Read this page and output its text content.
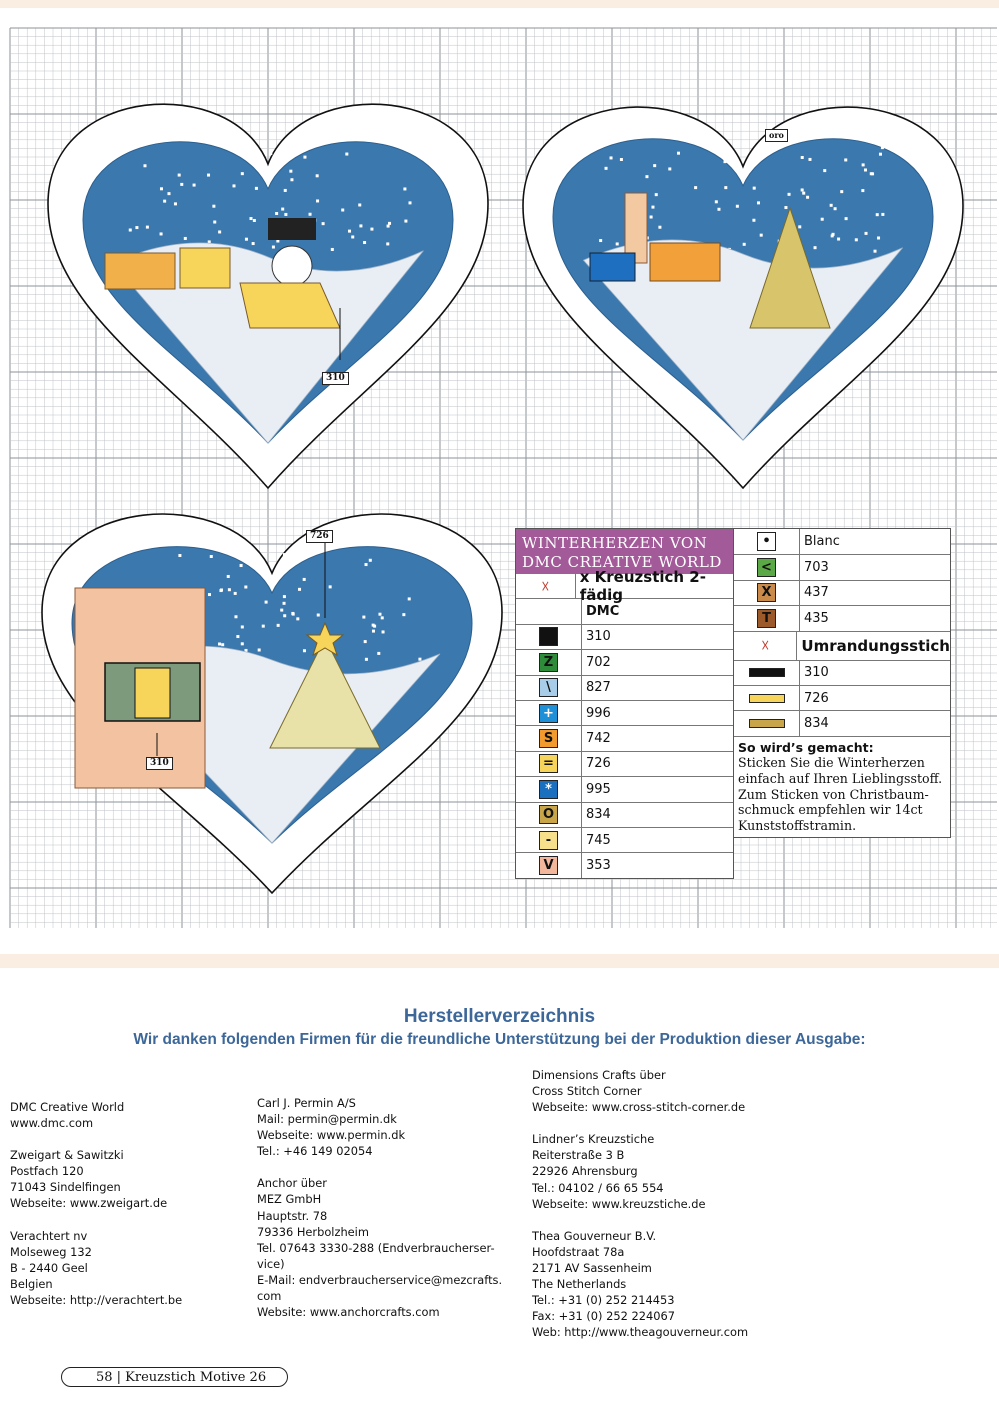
310
oro
726
310
WINTERHERZEN VON
DMC CREATIVE WORLD
☓ x Kreuzstich 2-fädig
DMC
310
Z	702
\	827
+	996
S	742
=	726
*	995
O	834
-	745
V	353
•	Blanc
<	703
X	437
T	435
☓ Umrandungsstich
310
726
834
So wird’s gemacht:
Sticken Sie die Winterherzen
einfach auf Ihren Lieblingsstoff.
Zum Sticken von Christbaum-
schmuck empfehlen wir 14ct
Kunststoffstramin.
Herstellerverzeichnis
Wir danken folgenden Firmen für die freundliche Unterstützung bei der Produktion dieser Ausgabe:

DMC Creative World
www.dmc.com

Zweigart & Sawitzki
Postfach 120
71043 Sindelfingen
Webseite: www.zweigart.de

Verachtert nv
Molseweg 132
B - 2440 Geel
Belgien
Webseite: http://verachtert.be

Carl J. Permin A/S
Mail: permin@permin.dk
Webseite: www.permin.dk
Tel.: +46 149 02054

Anchor über
MEZ GmbH
Hauptstr. 78
79336 Herbolzheim
Tel. 07643 3330-288 (Endverbraucherser-
vice)
E-Mail: endverbraucherservice@mezcrafts.
com
Website: www.anchorcrafts.com

Dimensions Crafts über
Cross Stitch Corner
Webseite: www.cross-stitch-corner.de

Lindner’s Kreuzstiche
Reiterstraße 3 B
22926 Ahrensburg
Tel.: 04102 / 66 65 554
Webseite: www.kreuzstiche.de

Thea Gouverneur B.V.
Hoofdstraat 78a
2171 AV Sassenheim
The Netherlands
Tel.: +31 (0) 252 214453
Fax: +31 (0) 252 224067
Web: http://www.theagouverneur.com

58 | Kreuzstich Motive 26
